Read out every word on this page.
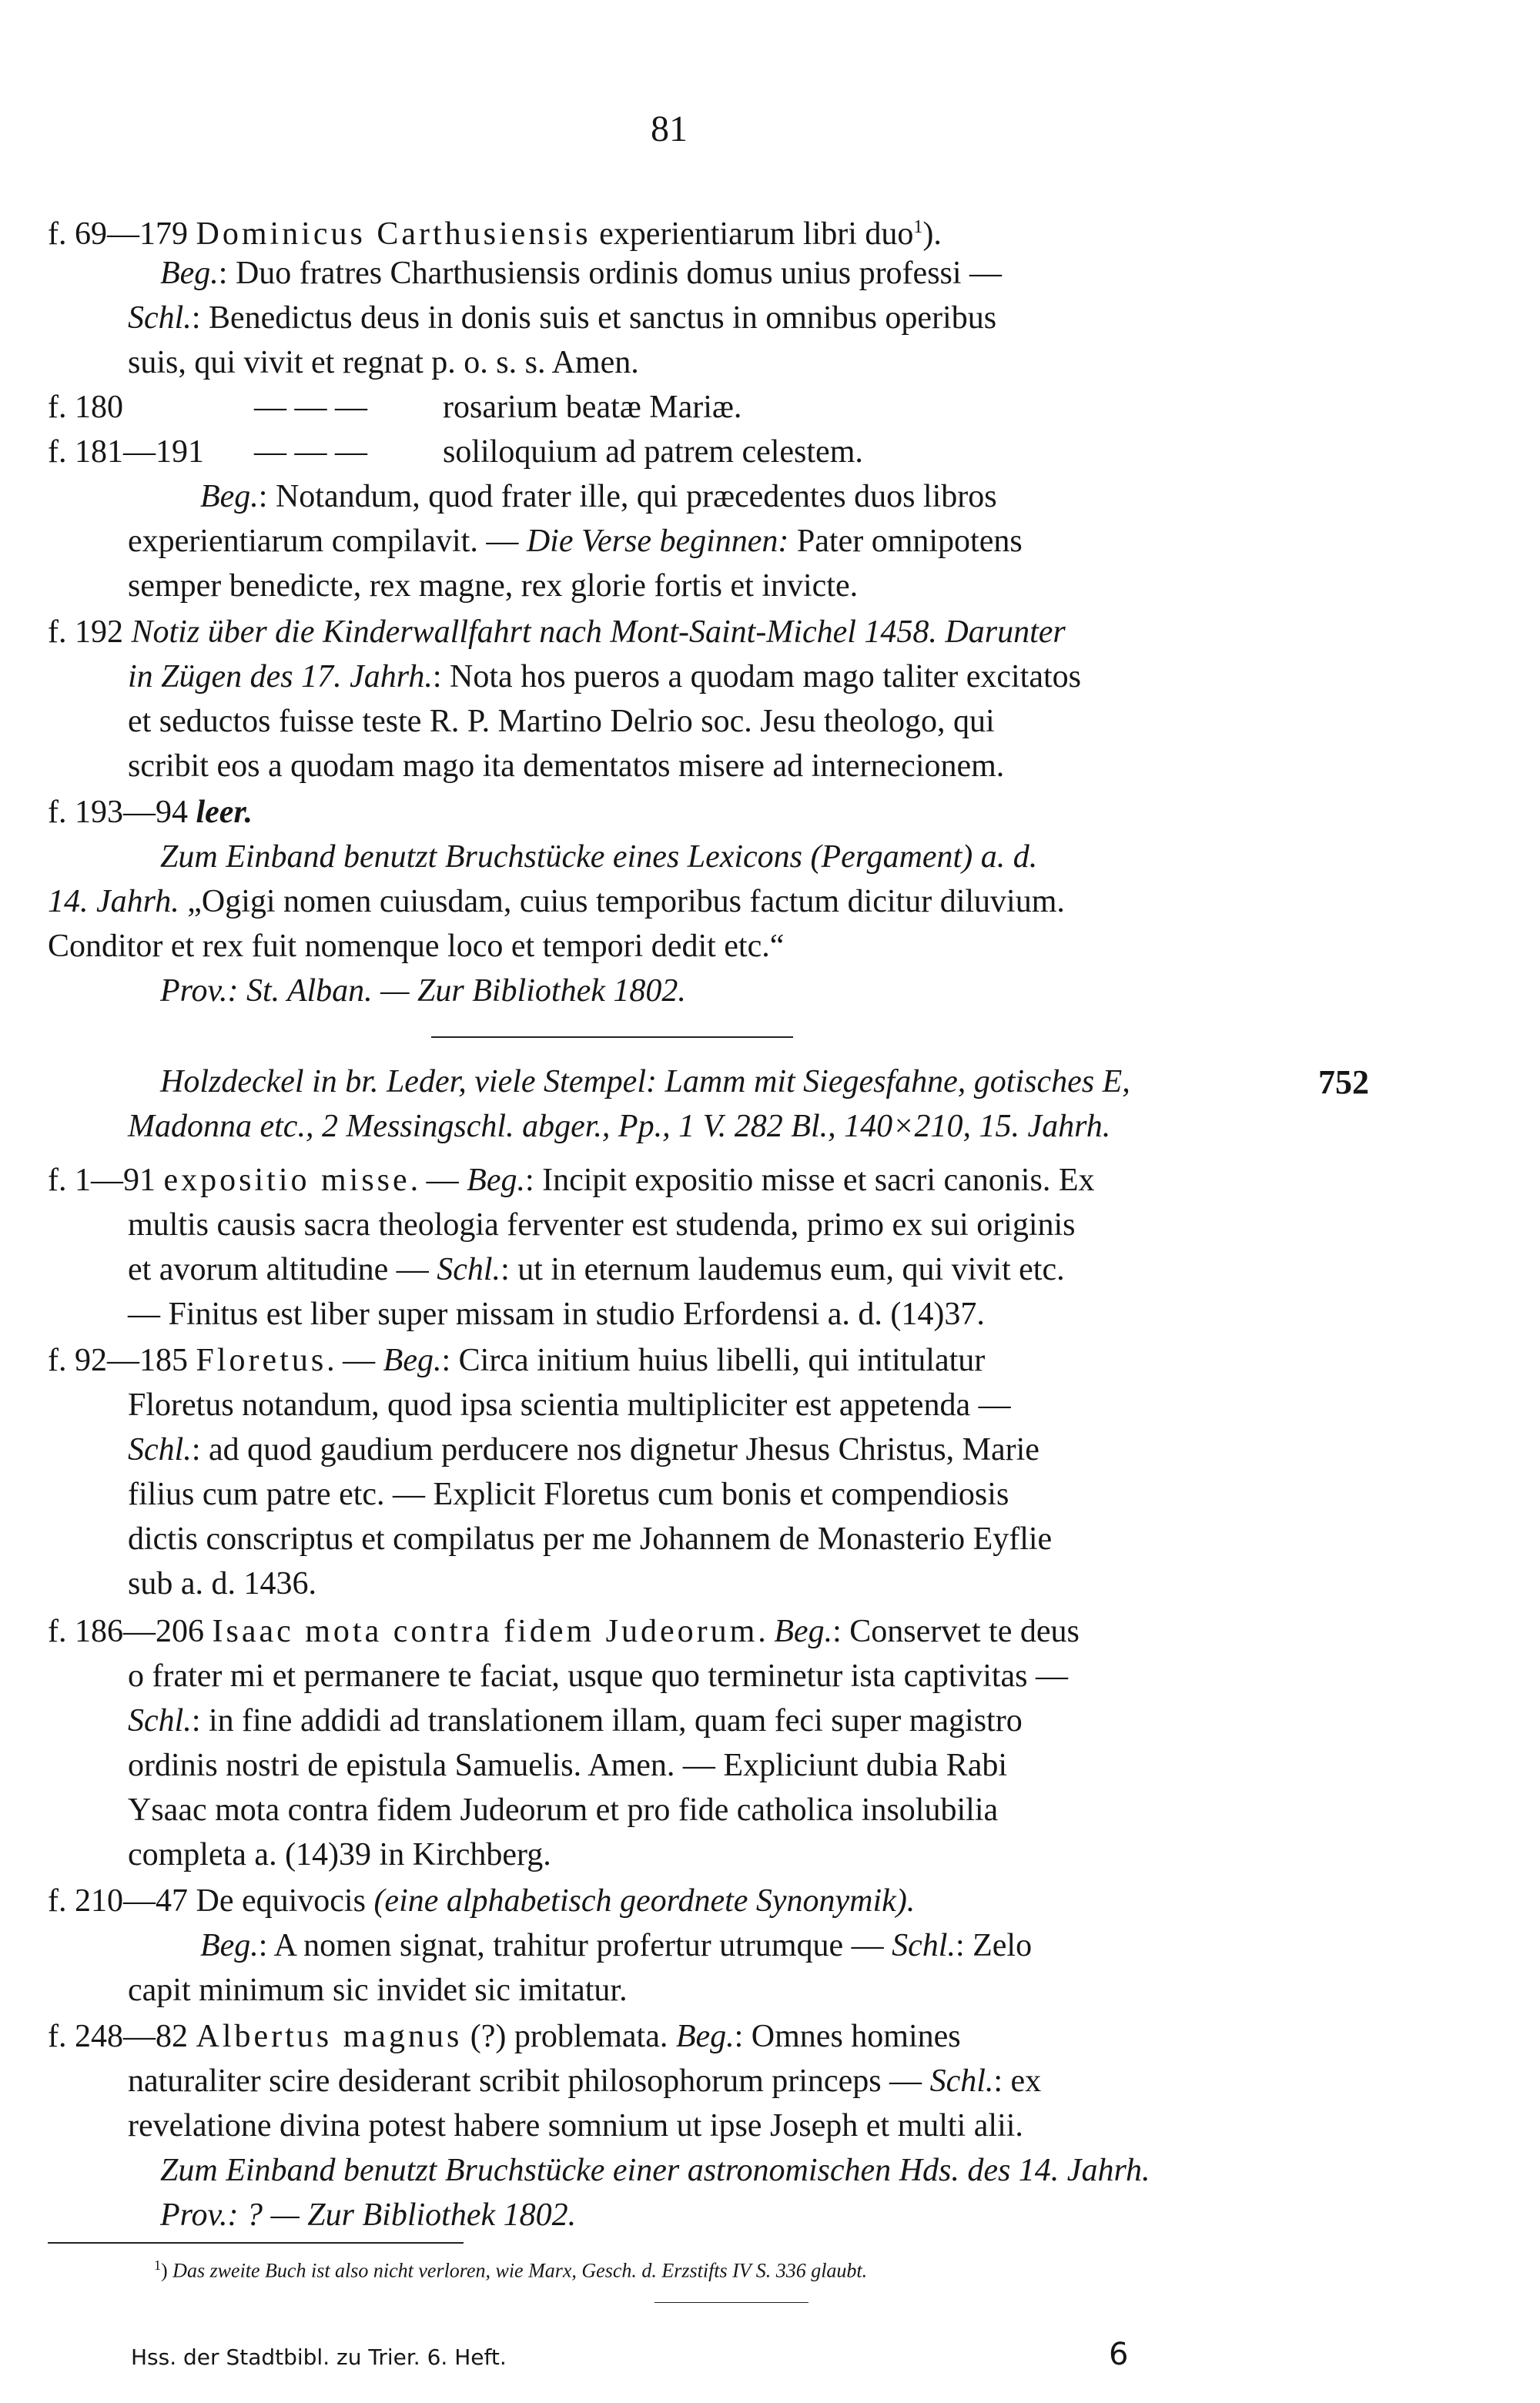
81
f. 69—179 Dominicus Carthusiensis experientiarum libri duo$^1$).
Beg.: Duo fratres Charthusiensis ordinis domus unius professi —
Schl.: Benedictus deus in donis suis et sanctus in omnibus operibus
suis, qui vivit et regnat p. o. s. s. Amen.
f. 180	— — — rosarium beatæ Mariæ.
f. 181—191 — — — soliloquium ad patrem celestem.
Beg.: Notandum, quod frater ille, qui præcedentes duos libros
experientiarum compilavit. — Die Verse beginnen: Pater omnipotens
semper benedicte, rex magne, rex glorie fortis et invicte.
f. 192 Notiz über die Kinderwallfahrt nach Mont-Saint-Michel 1458. Darunter
in Zügen des 17. Jahrh.: Nota hos pueros a quodam mago taliter excitatos
et seductos fuisse teste R. P. Martino Delrio soc. Jesu theologo, qui
scribit eos a quodam mago ita dementatos misere ad internecionem.
f. 193—94 leer.
Zum Einband benutzt Bruchstücke eines Lexicons (Pergament) a. d.
14. Jahrh. „Ogigi nomen cuiusdam, cuius temporibus factum dicitur diluvium.
Conditor et rex fuit nomenque loco et tempori dedit etc.“
Prov.: St. Alban. — Zur Bibliothek 1802.
752
Holzdeckel in br. Leder, viele Stempel: Lamm mit Siegesfahne, gotisches E,
Madonna etc., 2 Messingschl. abger., Pp., 1 V. 282 Bl., 140×210, 15. Jahrh.
f. 1—91 expositio misse. — Beg.: Incipit expositio misse et sacri canonis. Ex
multis causis sacra theologia ferventer est studenda, primo ex sui originis
et avorum altitudine — Schl.: ut in eternum laudemus eum, qui vivit etc.
— Finitus est liber super missam in studio Erfordensi a. d. (14)37.
f. 92—185 Floretus. — Beg.: Circa initium huius libelli, qui intitulatur
Floretus notandum, quod ipsa scientia multipliciter est appetenda —
Schl.: ad quod gaudium perducere nos dignetur Jhesus Christus, Marie
filius cum patre etc. — Explicit Floretus cum bonis et compendiosis
dictis conscriptus et compilatus per me Johannem de Monasterio Eyflie
sub a. d. 1436.
f. 186—206 Isaac mota contra fidem Judeorum. Beg.: Conservet te deus
o frater mi et permanere te faciat, usque quo terminetur ista captivitas —
Schl.: in fine addidi ad translationem illam, quam feci super magistro
ordinis nostri de epistula Samuelis. Amen. — Expliciunt dubia Rabi
Ysaac mota contra fidem Judeorum et pro fide catholica insolubilia
completa a. (14)39 in Kirchberg.
f. 210—47 De equivocis (eine alphabetisch geordnete Synonymik).
Beg.: A nomen signat, trahitur profertur utrumque — Schl.: Zelo
capit minimum sic invidet sic imitatur.
f. 248—82 Albertus magnus (?) problemata. Beg.: Omnes homines
naturaliter scire desiderant scribit philosophorum princeps — Schl.: ex
revelatione divina potest habere somnium ut ipse Joseph et multi alii.
Zum Einband benutzt Bruchstücke einer astronomischen Hds. des 14. Jahrh.
Prov.: ? — Zur Bibliothek 1802.
$^1$) Das zweite Buch ist also nicht verloren, wie Marx, Gesch. d. Erzstifts IV S. 336 glaubt.
Hss. der Stadtbibl. zu Trier. 6. Heft.	6
